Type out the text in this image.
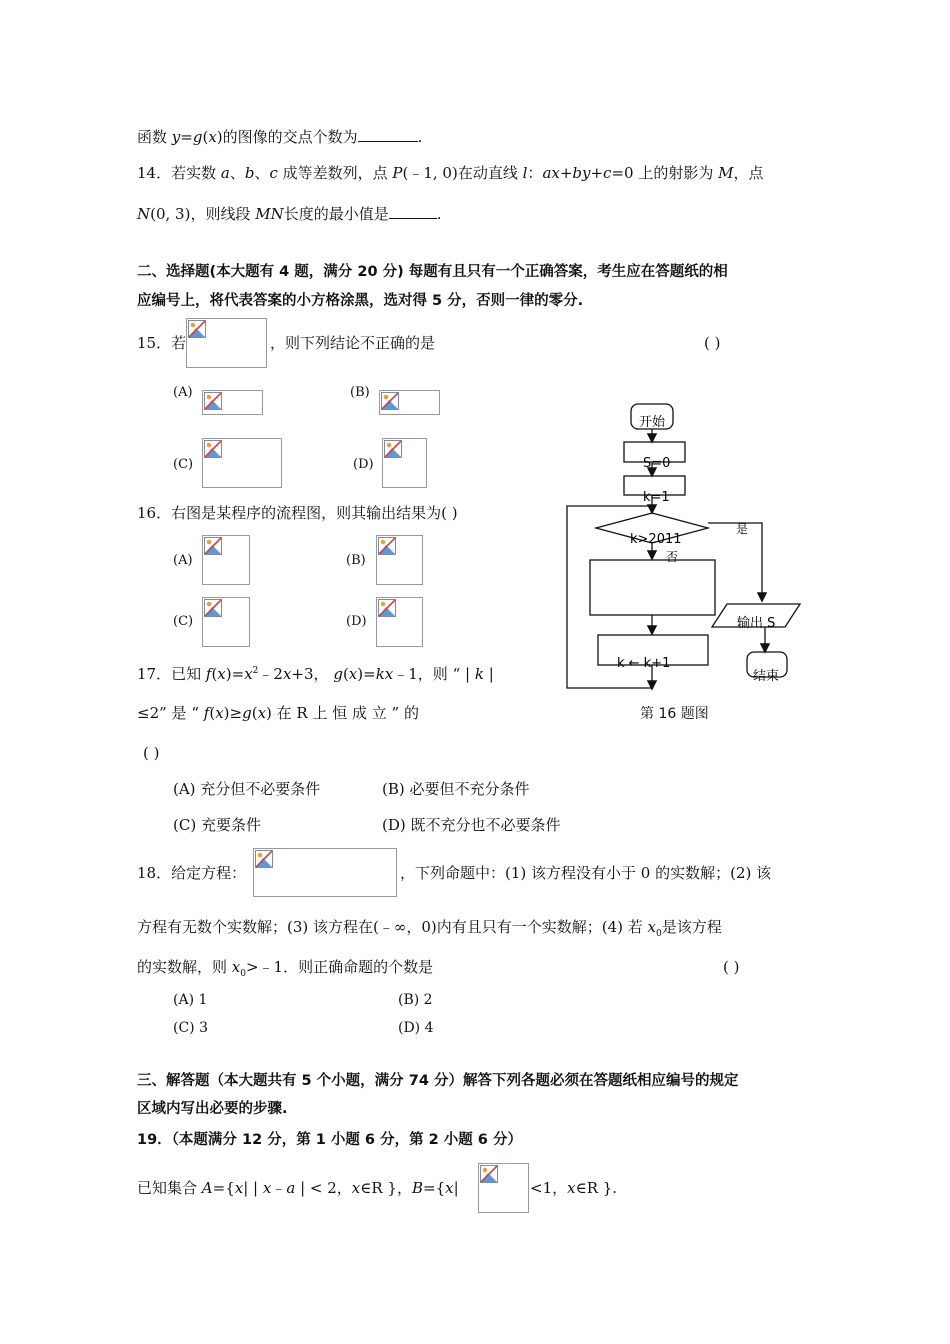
函数 y=g(x)的图像的交点个数为	.
14．若实数 a、b、c 成等差数列，点 P(﹣1, 0)在动直线 l：ax+by+c=0 上的射影为 M，点
N(0, 3)，则线段 MN长度的最小值是	.
二、选择题(本大题有 4 题，满分 20 分) 每题有且只有一个正确答案，考生应在答题纸的相
应编号上，将代表答案的小方格涂黑，选对得 5 分，否则一律的零分.
15．若	，则下列结论不正确的是	( )
(A)	(B)
(C)	(D)
16．右图是某程序的流程图，则其输出结果为( )
(A)	(B)
(C)	(D)
开始
S=0
k=1
k>2011
是
否
k ← k+1
输出 S
结束
第 16 题图
17．已知 $f(x)=x^2﹣2x+3$， g(x)=kx﹣1，则 “ | k |
≤2” 是 “ f(x)≥g(x) 在 R 上 恒 成 立 ” 的
( )
(A) 充分但不必要条件	(B) 必要但不充分条件
(C) 充要条件	(D) 既不充分也不必要条件
18．给定方程：	，下列命题中：(1) 该方程没有小于 0 的实数解；(2) 该
方程有无数个实数解；(3) 该方程在(﹣∞，0)内有且只有一个实数解；(4) 若 $x_0$是该方程
的实数解，则 $x_0>﹣1$．则正确命题的个数是	( )
(A) 1	(B) 2
(C) 3	(D) 4
三、解答题（本大题共有 5 个小题，满分 74 分）解答下列各题必须在答题纸相应编号的规定
区域内写出必要的步骤.
19．（本题满分 12 分，第 1 小题 6 分，第 2 小题 6 分）
已知集合 A={x| | x﹣a | < 2，x∈R }，B={x|	<1，x∈R }.
